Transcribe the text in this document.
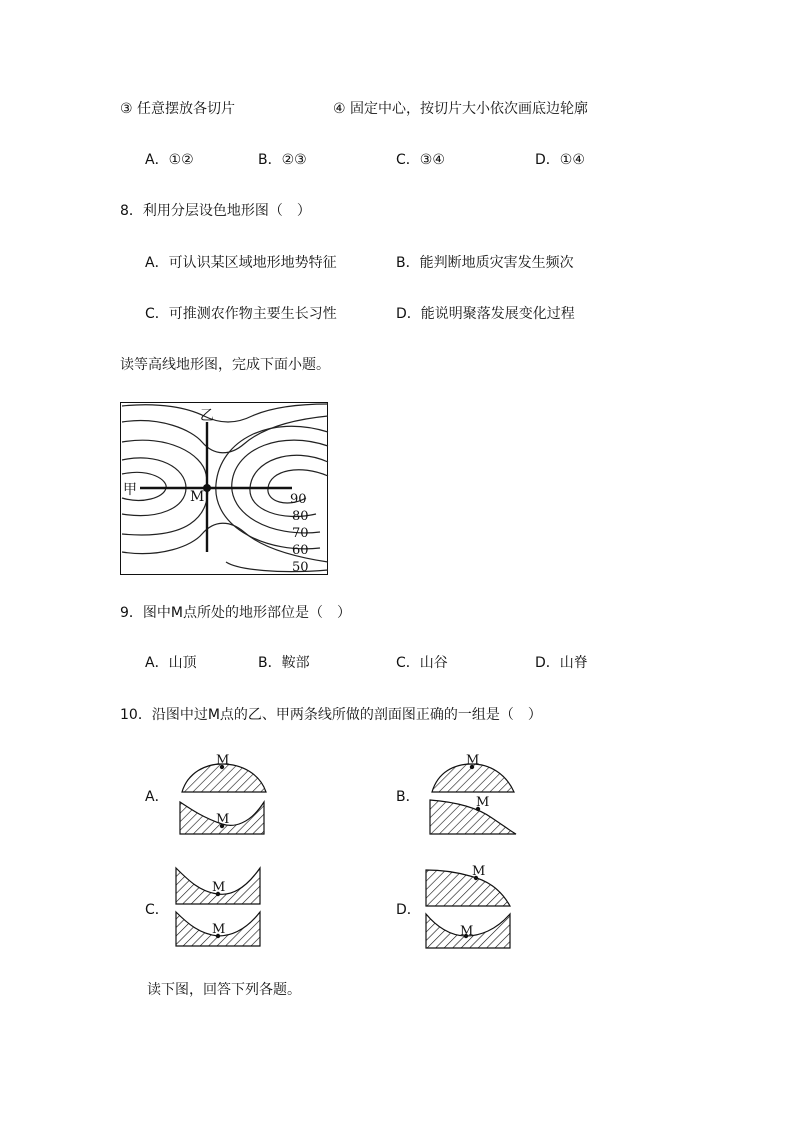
③ 任意摆放各切片	④ 固定中心，按切片大小依次画底边轮廓
A．①②	B．②③	C．③④	D．①④
8．利用分层设色地形图（　）
A．可认识某区域地形地势特征	B．能判断地质灾害发生频次
C．可推测农作物主要生长习性	D．能说明聚落发展变化过程
读等高线地形图，完成下面小题。
乙
甲	M	90
80
70
60
50
9．图中M点所处的地形部位是（　）
A．山顶	B．鞍部	C．山谷	D．山脊
10．沿图中过M点的乙、甲两条线所做的剖面图正确的一组是（　）
A．	B．
C．	D．
M
M
M
M
M
M
M
M
读下图，回答下列各题。
